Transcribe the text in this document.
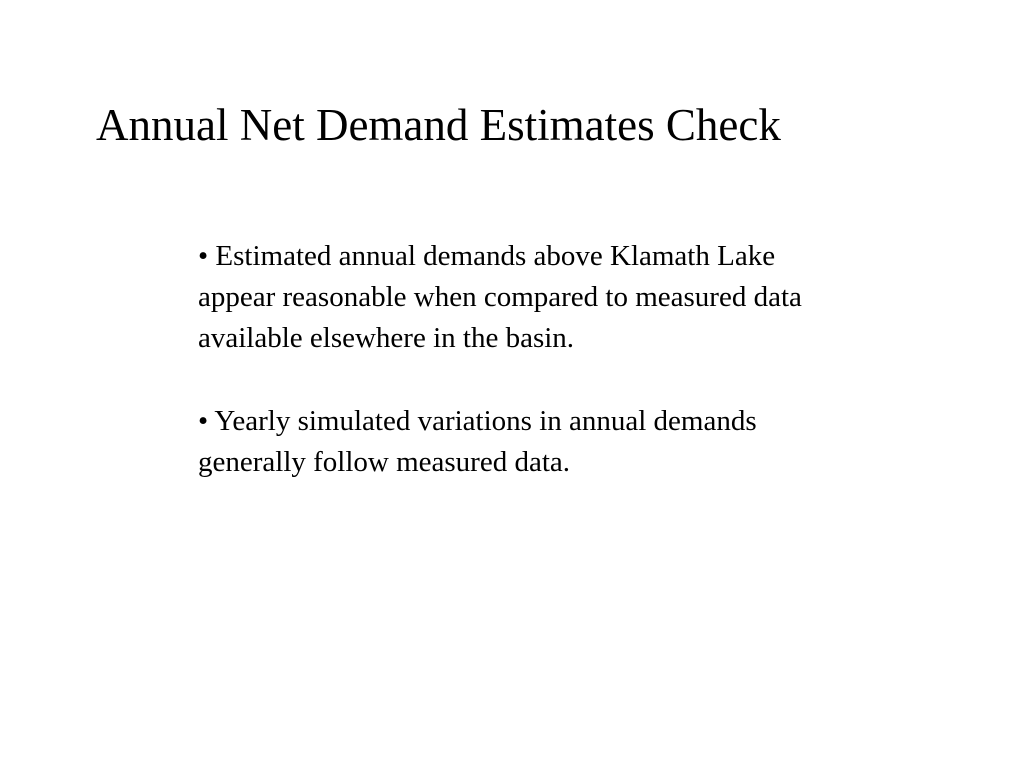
Annual Net Demand Estimates Check
• Estimated annual demands above Klamath Lake
appear reasonable when compared to measured data
available elsewhere in the basin.
• Yearly simulated variations in annual demands
generally follow measured data.
